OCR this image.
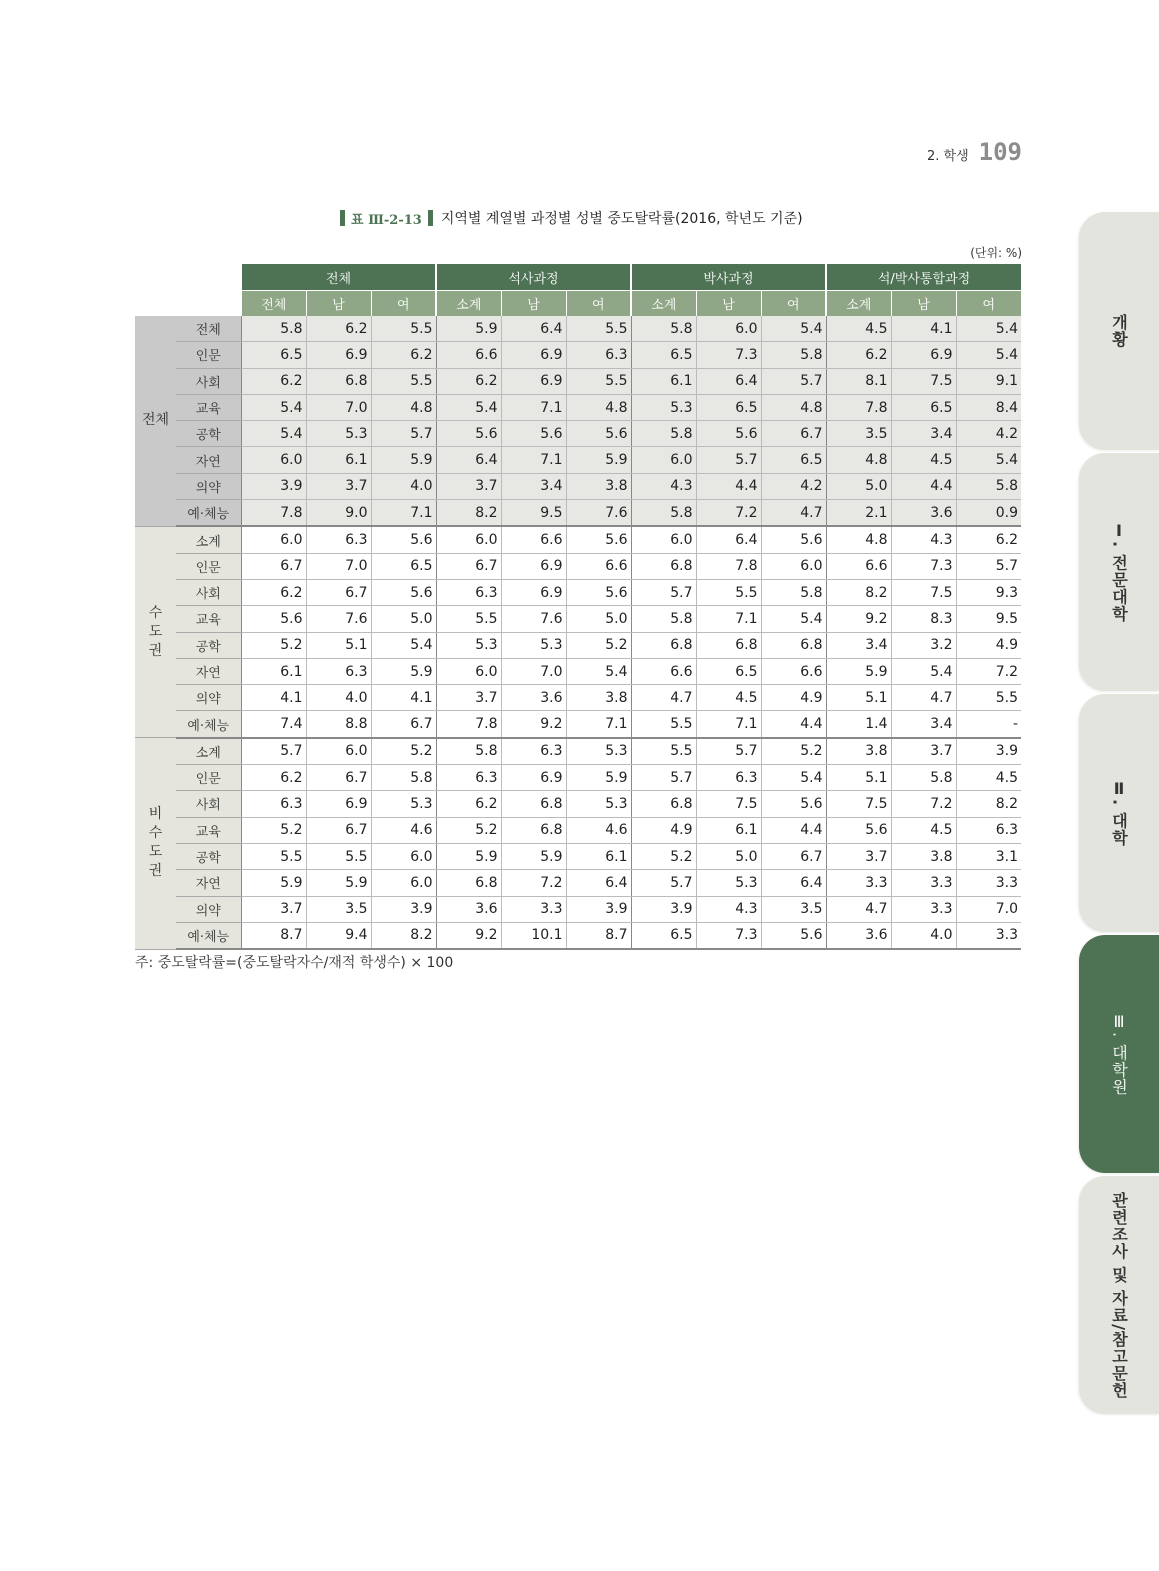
2. 학생 109
표 Ⅲ-2-13 지역별 계열별 과정별 성별 중도탈락률(2016, 학년도 기준)
(단위: %)
		전체			석사과정			박사과정			석/박사통합과정		
		전체	남	여	소계	남	여	소계	남	여	소계	남	여
전체	전체	5.8	6.2	5.5	5.9	6.4	5.5	5.8	6.0	5.4	4.5	4.1	5.4
	인문	6.5	6.9	6.2	6.6	6.9	6.3	6.5	7.3	5.8	6.2	6.9	5.4
	사회	6.2	6.8	5.5	6.2	6.9	5.5	6.1	6.4	5.7	8.1	7.5	9.1
	교육	5.4	7.0	4.8	5.4	7.1	4.8	5.3	6.5	4.8	7.8	6.5	8.4
	공학	5.4	5.3	5.7	5.6	5.6	5.6	5.8	5.6	6.7	3.5	3.4	4.2
	자연	6.0	6.1	5.9	6.4	7.1	5.9	6.0	5.7	6.5	4.8	4.5	5.4
	의약	3.9	3.7	4.0	3.7	3.4	3.8	4.3	4.4	4.2	5.0	4.4	5.8
	예·체능	7.8	9.0	7.1	8.2	9.5	7.6	5.8	7.2	4.7	2.1	3.6	0.9
수도권	소계	6.0	6.3	5.6	6.0	6.6	5.6	6.0	6.4	5.6	4.8	4.3	6.2
	인문	6.7	7.0	6.5	6.7	6.9	6.6	6.8	7.8	6.0	6.6	7.3	5.7
	사회	6.2	6.7	5.6	6.3	6.9	5.6	5.7	5.5	5.8	8.2	7.5	9.3
	교육	5.6	7.6	5.0	5.5	7.6	5.0	5.8	7.1	5.4	9.2	8.3	9.5
	공학	5.2	5.1	5.4	5.3	5.3	5.2	6.8	6.8	6.8	3.4	3.2	4.9
	자연	6.1	6.3	5.9	6.0	7.0	5.4	6.6	6.5	6.6	5.9	5.4	7.2
	의약	4.1	4.0	4.1	3.7	3.6	3.8	4.7	4.5	4.9	5.1	4.7	5.5
	예·체능	7.4	8.8	6.7	7.8	9.2	7.1	5.5	7.1	4.4	1.4	3.4	-
비수도권	소계	5.7	6.0	5.2	5.8	6.3	5.3	5.5	5.7	5.2	3.8	3.7	3.9
	인문	6.2	6.7	5.8	6.3	6.9	5.9	5.7	6.3	5.4	5.1	5.8	4.5
	사회	6.3	6.9	5.3	6.2	6.8	5.3	6.8	7.5	5.6	7.5	7.2	8.2
	교육	5.2	6.7	4.6	5.2	6.8	4.6	4.9	6.1	4.4	5.6	4.5	6.3
	공학	5.5	5.5	6.0	5.9	5.9	6.1	5.2	5.0	6.7	3.7	3.8	3.1
	자연	5.9	5.9	6.0	6.8	7.2	6.4	5.7	5.3	6.4	3.3	3.3	3.3
	의약	3.7	3.5	3.9	3.6	3.3	3.9	3.9	4.3	3.5	4.7	3.3	7.0
	예·체능	8.7	9.4	8.2	9.2	10.1	8.7	6.5	7.3	5.6	3.6	4.0	3.3
주: 중도탈락률=(중도탈락자수/재적 학생수) × 100
개황
Ⅰ. 전문대학
Ⅱ. 대학
Ⅲ. 대학원
관련조사 및 자료/참고문헌
